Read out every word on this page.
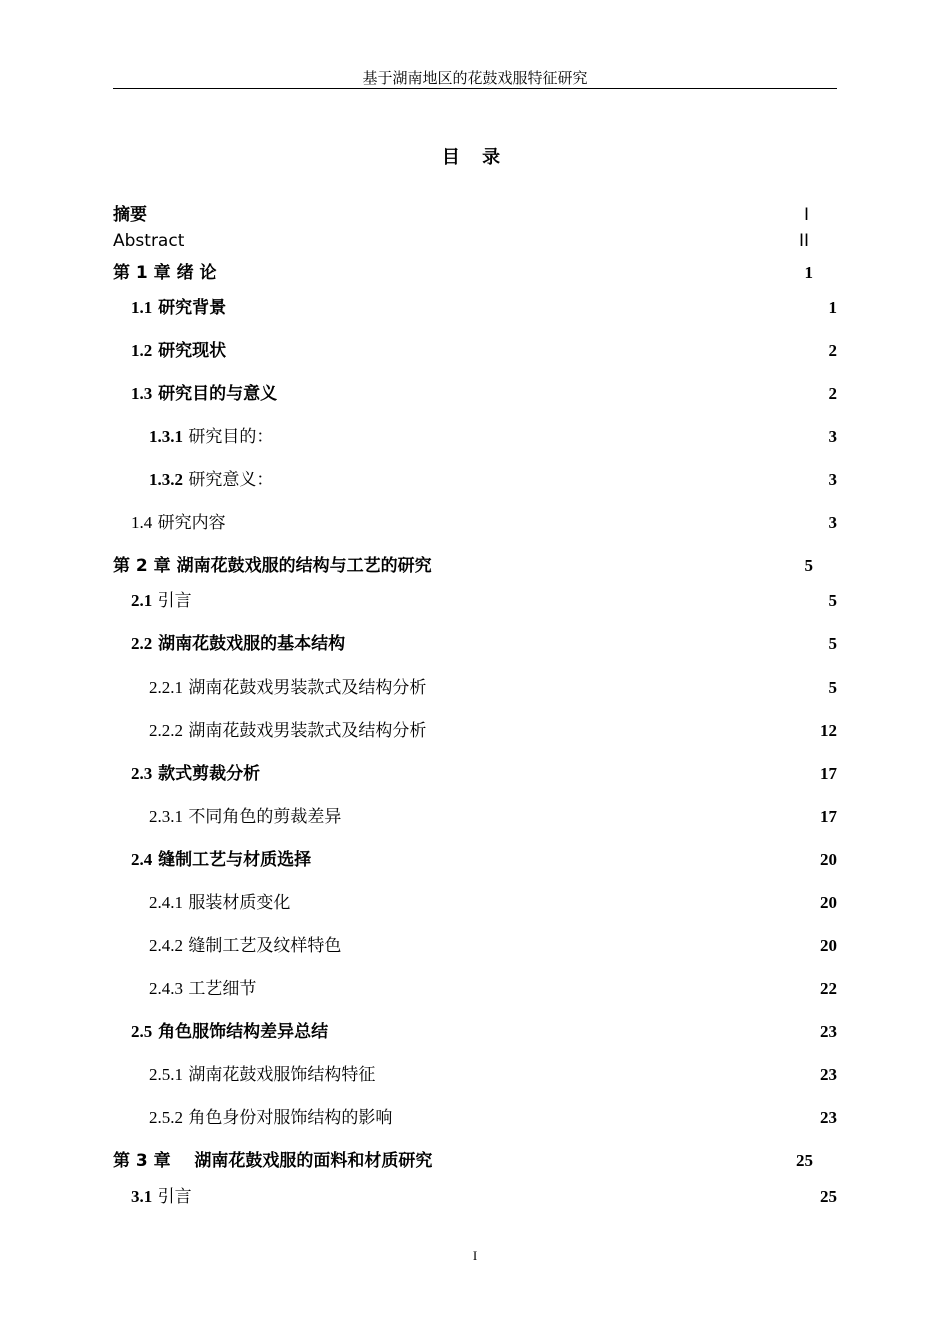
基于湖南地区的花鼓戏服特征研究
目 录
摘要	I
Abstract	II
第 1 章 绪 论	1
1.1 研究背景	1
1.2 研究现状	2
1.3 研究目的与意义	2
1.3.1 研究目的：	3
1.3.2 研究意义：	3
1.4 研究内容	3
第 2 章 湖南花鼓戏服的结构与工艺的研究	5
2.1 引言	5
2.2 湖南花鼓戏服的基本结构	5
2.2.1 湖南花鼓戏男装款式及结构分析	5
2.2.2 湖南花鼓戏男装款式及结构分析	12
2.3 款式剪裁分析	17
2.3.1 不同角色的剪裁差异	17
2.4 缝制工艺与材质选择	20
2.4.1 服装材质变化	20
2.4.2 缝制工艺及纹样特色	20
2.4.3 工艺细节	22
2.5 角色服饰结构差异总结	23
2.5.1 湖南花鼓戏服饰结构特征	23
2.5.2 角色身份对服饰结构的影响	23
第 3 章    湖南花鼓戏服的面料和材质研究	25
3.1 引言	25
I
